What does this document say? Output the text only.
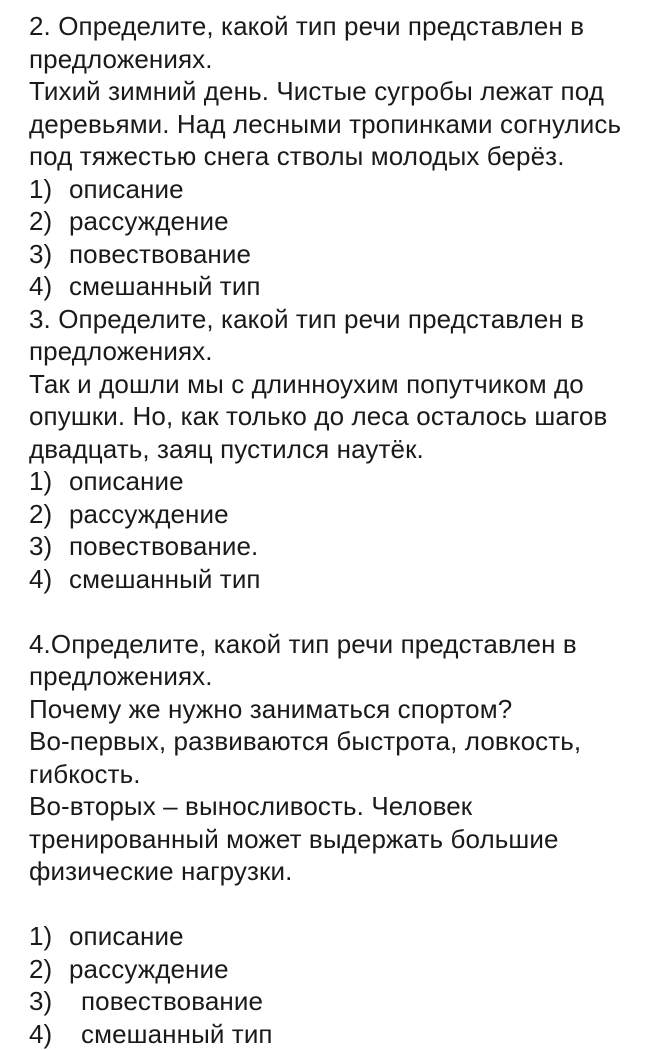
2. Определите, какой тип речи представлен в
предложениях.
Тихий зимний день. Чистые сугробы лежат под
деревьями. Над лесными тропинками согнулись
под тяжестью снега стволы молодых берёз.
1) описание
2) рассуждение
3) повествование
4) смешанный тип
3. Определите, какой тип речи представлен в
предложениях.
Так и дошли мы с длинноухим попутчиком до
опушки. Но, как только до леса осталось шагов
двадцать, заяц пустился наутёк.
1) описание
2) рассуждение
3) повествование.
4) смешанный тип
4.Определите, какой тип речи представлен в
предложениях.
Почему же нужно заниматься спортом?
Во-первых, развиваются быстрота, ловкость,
гибкость.
Во-вторых – выносливость. Человек
тренированный может выдержать большие
физические нагрузки.
1) описание
2) рассуждение
3)	повествование
4)	смешанный тип
